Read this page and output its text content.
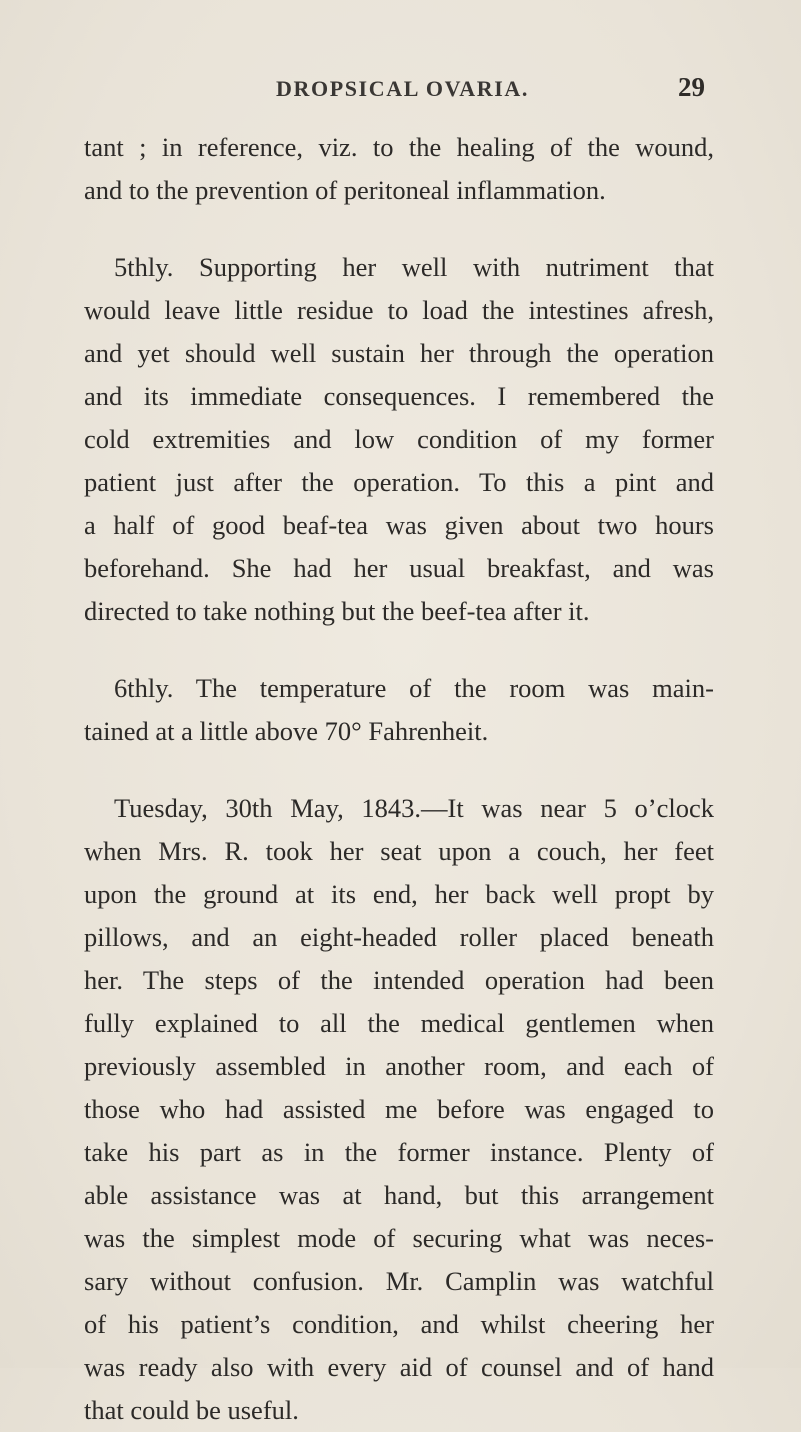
DROPSICAL OVARIA.	29
tant ; in reference, viz. to the healing of the wound,
and to the prevention of peritoneal inflammation.
5thly. Supporting her well with nutriment that
would leave little residue to load the intestines afresh,
and yet should well sustain her through the operation
and its immediate consequences. I remembered the
cold extremities and low condition of my former
patient just after the operation. To this a pint and
a half of good beaf-tea was given about two hours
beforehand. She had her usual breakfast, and was
directed to take nothing but the beef-tea after it.
6thly. The temperature of the room was main-
tained at a little above 70° Fahrenheit.
Tuesday, 30th May, 1843.—It was near 5 o’clock
when Mrs. R. took her seat upon a couch, her feet
upon the ground at its end, her back well propt by
pillows, and an eight-headed roller placed beneath
her. The steps of the intended operation had been
fully explained to all the medical gentlemen when
previously assembled in another room, and each of
those who had assisted me before was engaged to
take his part as in the former instance. Plenty of
able assistance was at hand, but this arrangement
was the simplest mode of securing what was neces-
sary without confusion. Mr. Camplin was watchful
of his patient’s condition, and whilst cheering her
was ready also with every aid of counsel and of hand
that could be useful.
